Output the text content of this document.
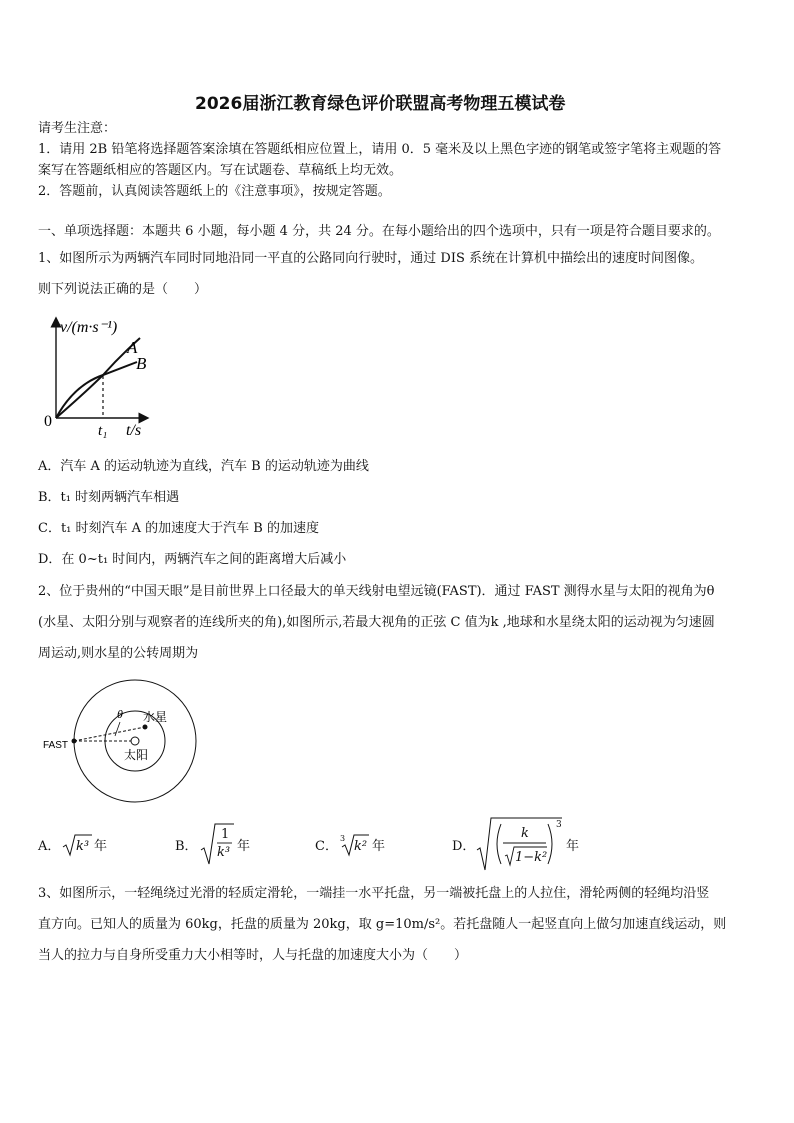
2026届浙江教育绿色评价联盟高考物理五模试卷
请考生注意：
1．请用 2B 铅笔将选择题答案涂填在答题纸相应位置上，请用 0．5 毫米及以上黑色字迹的钢笔或签字笔将主观题的答
案写在答题纸相应的答题区内。写在试题卷、草稿纸上均无效。
2．答题前，认真阅读答题纸上的《注意事项》，按规定答题。
一、单项选择题：本题共 6 小题，每小题 4 分，共 24 分。在每小题给出的四个选项中，只有一项是符合题目要求的。
1、如图所示为两辆汽车同时同地沿同一平直的公路同向行驶时，通过 DIS 系统在计算机中描绘出的速度时间图像。
则下列说法正确的是（　　）
v/(m·s⁻¹)
t/s
0
t₁
A
B
A．汽车 A 的运动轨迹为直线，汽车 B 的运动轨迹为曲线
B．t₁ 时刻两辆汽车相遇
C．t₁ 时刻汽车 A 的加速度大于汽车 B 的加速度
D．在 0~t₁ 时间内，两辆汽车之间的距离增大后减小
2、位于贵州的“中国天眼”是目前世界上口径最大的单天线射电望远镜(FAST)．通过 FAST 测得水星与太阳的视角为θ
(水星、太阳分别与观察者的连线所夹的角),如图所示,若最大视角的正弦 C 值为k ,地球和水星绕太阳的运动视为匀速圆
周运动,则水星的公转周期为
FAST
θ 水星
太阳
A． k³ 年	B．
1
k³ 年	C．
3
k² 年	D．
k
1−k²
3
年
3、如图所示，一轻绳绕过光滑的轻质定滑轮，一端挂一水平托盘，另一端被托盘上的人拉住，滑轮两侧的轻绳均沿竖
直方向。已知人的质量为 60kg，托盘的质量为 20kg，取 g=10m/s²。若托盘随人一起竖直向上做匀加速直线运动，则
当人的拉力与自身所受重力大小相等时，人与托盘的加速度大小为（　　）
